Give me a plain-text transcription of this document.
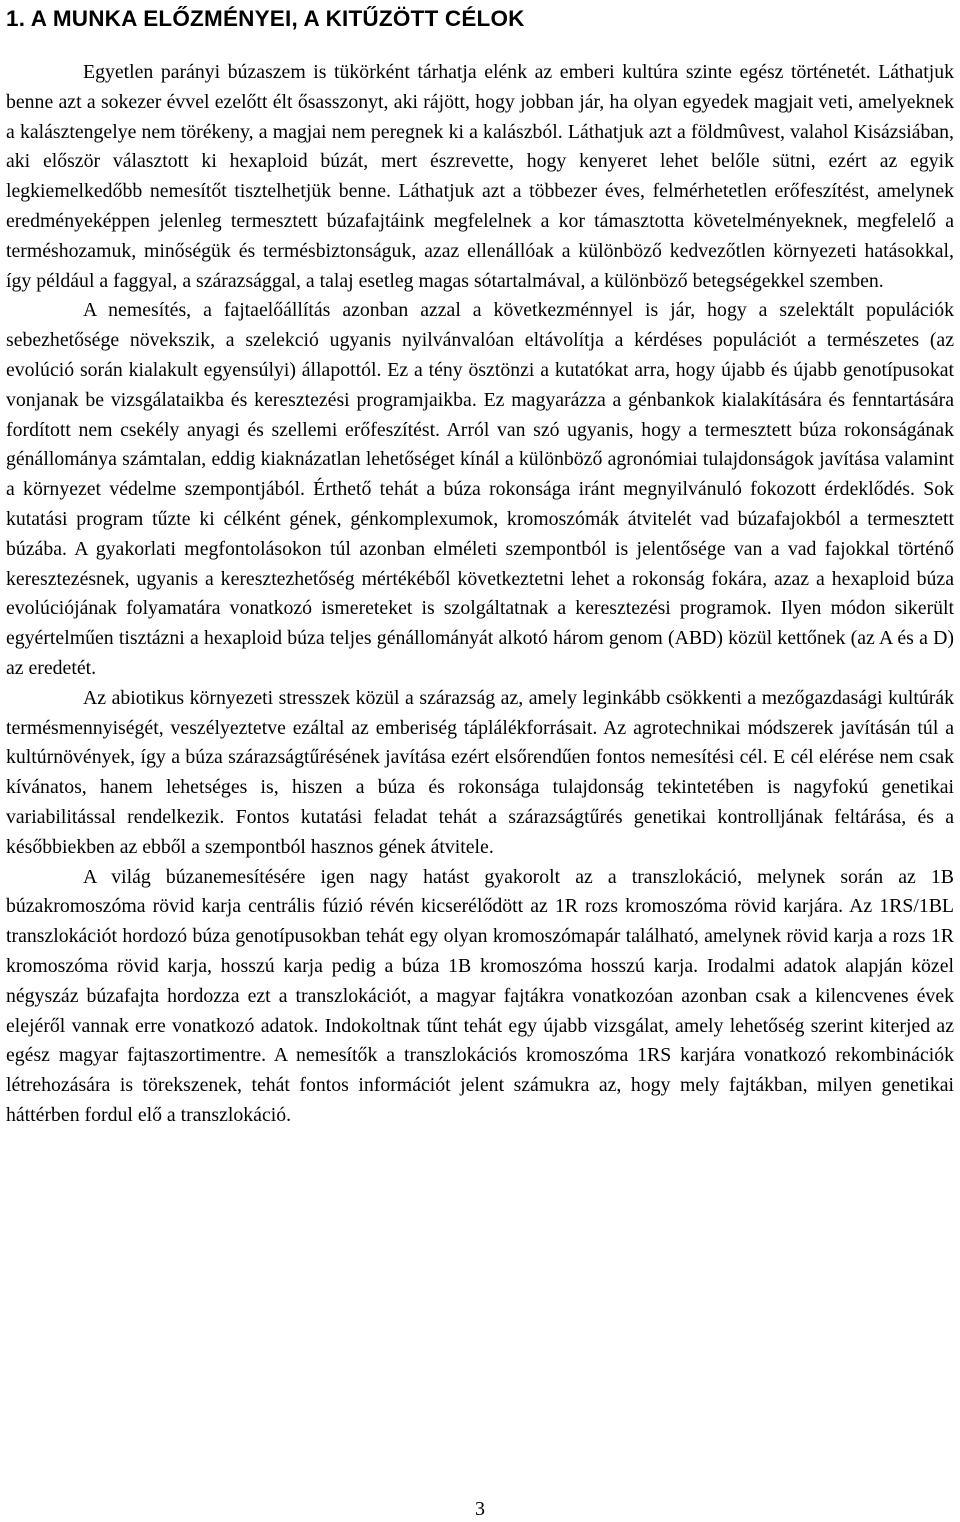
1. A MUNKA ELŐZMÉNYEI, A KITŰZÖTT CÉLOK

Egyetlen parányi búzaszem is tükörként tárhatja elénk az emberi kultúra szinte egész történetét. Láthatjuk benne azt a sokezer évvel ezelőtt élt ősasszonyt, aki rájött, hogy jobban jár, ha olyan egyedek magjait veti, amelyeknek a kalásztengelye nem törékeny, a magjai nem peregnek ki a kalászból. Láthatjuk azt a földmûvest, valahol Kisázsiában, aki először választott ki hexaploid búzát, mert észrevette, hogy kenyeret lehet belőle sütni, ezért az egyik legkiemelkedőbb nemesítőt tisztelhetjük benne. Láthatjuk azt a többezer éves, felmérhetetlen erőfeszítést, amelynek eredményeképpen jelenleg termesztett búzafajtáink megfelelnek a kor támasztotta követelményeknek, megfelelő a terméshozamuk, minőségük és termésbiztonságuk, azaz ellenállóak a különböző kedvezőtlen környezeti hatásokkal, így például a faggyal, a szárazsággal, a talaj esetleg magas sótartalmával, a különböző betegségekkel szemben.

A nemesítés, a fajtaelőállítás azonban azzal a következménnyel is jár, hogy a szelektált populációk sebezhetősége növekszik, a szelekció ugyanis nyilvánvalóan eltávolítja a kérdéses populációt a természetes (az evolúció során kialakult egyensúlyi) állapottól. Ez a tény ösztönzi a kutatókat arra, hogy újabb és újabb genotípusokat vonjanak be vizsgálataikba és keresztezési programjaikba. Ez magyarázza a génbankok kialakítására és fenntartására fordított nem csekély anyagi és szellemi erőfeszítést. Arról van szó ugyanis, hogy a termesztett búza rokonságának génállománya számtalan, eddig kiaknázatlan lehetőséget kínál a különböző agronómiai tulajdonságok javítása valamint a környezet védelme szempontjából. Érthető tehát a búza rokonsága iránt megnyilvánuló fokozott érdeklődés. Sok kutatási program tűzte ki célként gének, génkomplexumok, kromoszómák átvitelét vad búzafajokból a termesztett búzába. A gyakorlati megfontolásokon túl azonban elméleti szempontból is jelentősége van a vad fajokkal történő keresztezésnek, ugyanis a keresztezhetőség mértékéből következtetni lehet a rokonság fokára, azaz a hexaploid búza evolúciójának folyamatára vonatkozó ismereteket is szolgáltatnak a keresztezési programok. Ilyen módon sikerült egyértelműen tisztázni a hexaploid búza teljes génállományát alkotó három genom (ABD) közül kettőnek (az A és a D) az eredetét.

Az abiotikus környezeti stresszek közül a szárazság az, amely leginkább csökkenti a mezőgazdasági kultúrák termésmennyiségét, veszélyeztetve ezáltal az emberiség táplálékforrásait. Az agrotechnikai módszerek javításán túl a kultúrnövények, így a búza szárazságtűrésének javítása ezért elsőrendűen fontos nemesítési cél. E cél elérése nem csak kívánatos, hanem lehetséges is, hiszen a búza és rokonsága tulajdonság tekintetében is nagyfokú genetikai variabilitással rendelkezik. Fontos kutatási feladat tehát a szárazságtűrés genetikai kontrolljának feltárása, és a későbbiekben az ebből a szempontból hasznos gének átvitele.

A világ búzanemesítésére igen nagy hatást gyakorolt az a transzlokáció, melynek során az 1B búzakromoszóma rövid karja centrális fúzió révén kicserélődött az 1R rozs kromoszóma rövid karjára. Az 1RS/1BL transzlokációt hordozó búza genotípusokban tehát egy olyan kromoszómapár található, amelynek rövid karja a rozs 1R kromoszóma rövid karja, hosszú karja pedig a búza 1B kromoszóma hosszú karja. Irodalmi adatok alapján közel négyszáz búzafajta hordozza ezt a transzlokációt, a magyar fajtákra vonatkozóan azonban csak a kilencvenes évek elejéről vannak erre vonatkozó adatok. Indokoltnak tűnt tehát egy újabb vizsgálat, amely lehetőség szerint kiterjed az egész magyar fajtaszortimentre. A nemesítők a transzlokációs kromoszóma 1RS karjára vonatkozó rekombinációk létrehozására is törekszenek, tehát fontos információt jelent számukra az, hogy mely fajtákban, milyen genetikai háttérben fordul elő a transzlokáció.

3
